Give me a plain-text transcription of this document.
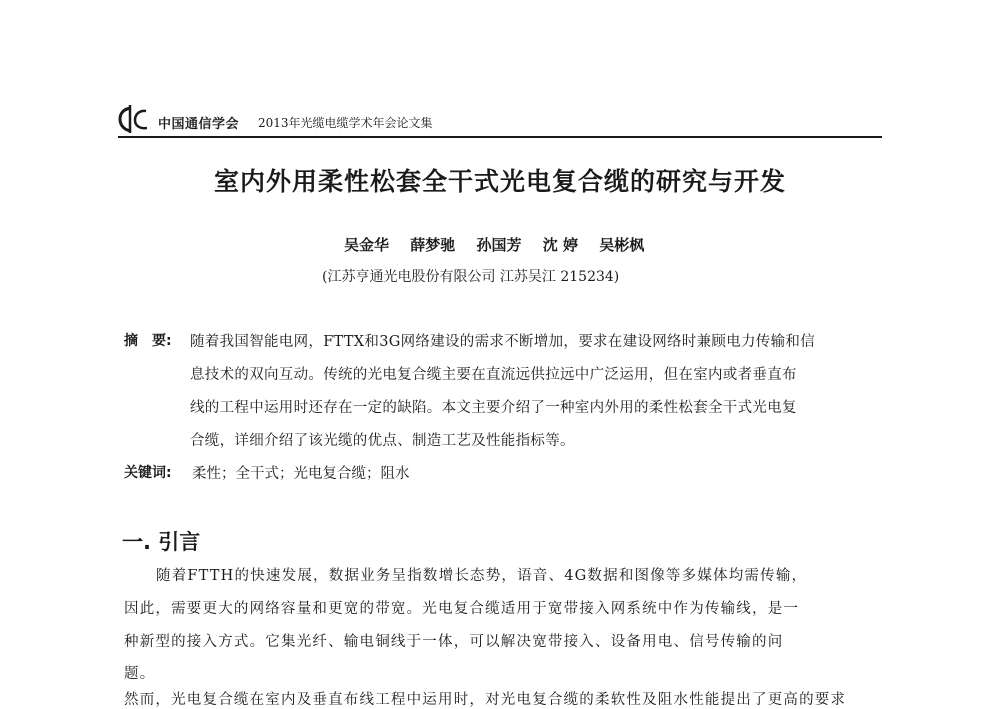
中国通信学会 2013年光缆电缆学术年会论文集
室内外用柔性松套全干式光电复合缆的研究与开发
吴金华 薛梦驰 孙国芳 沈 婷 吴彬枫
(江苏亨通光电股份有限公司 江苏吴江 215234)
摘　要: 随着我国智能电网，FTTX和3G网络建设的需求不断增加，要求在建设网络时兼顾电力传输和信
息技术的双向互动。传统的光电复合缆主要在直流远供拉远中广泛运用，但在室内或者垂直布
线的工程中运用时还存在一定的缺陷。本文主要介绍了一种室内外用的柔性松套全干式光电复
合缆，详细介绍了该光缆的优点、制造工艺及性能指标等。
关键词: 柔性；全干式；光电复合缆；阻水
一. 引言
随着FTTH的快速发展，数据业务呈指数增长态势，语音、4G数据和图像等多媒体均需传输，
因此，需要更大的网络容量和更宽的带宽。光电复合缆适用于宽带接入网系统中作为传输线，是一
种新型的接入方式。它集光纤、输电铜线于一体，可以解决宽带接入、设备用电、信号传输的问
题。
然而，光电复合缆在室内及垂直布线工程中运用时，对光电复合缆的柔软性及阻水性能提出了更高的要求
